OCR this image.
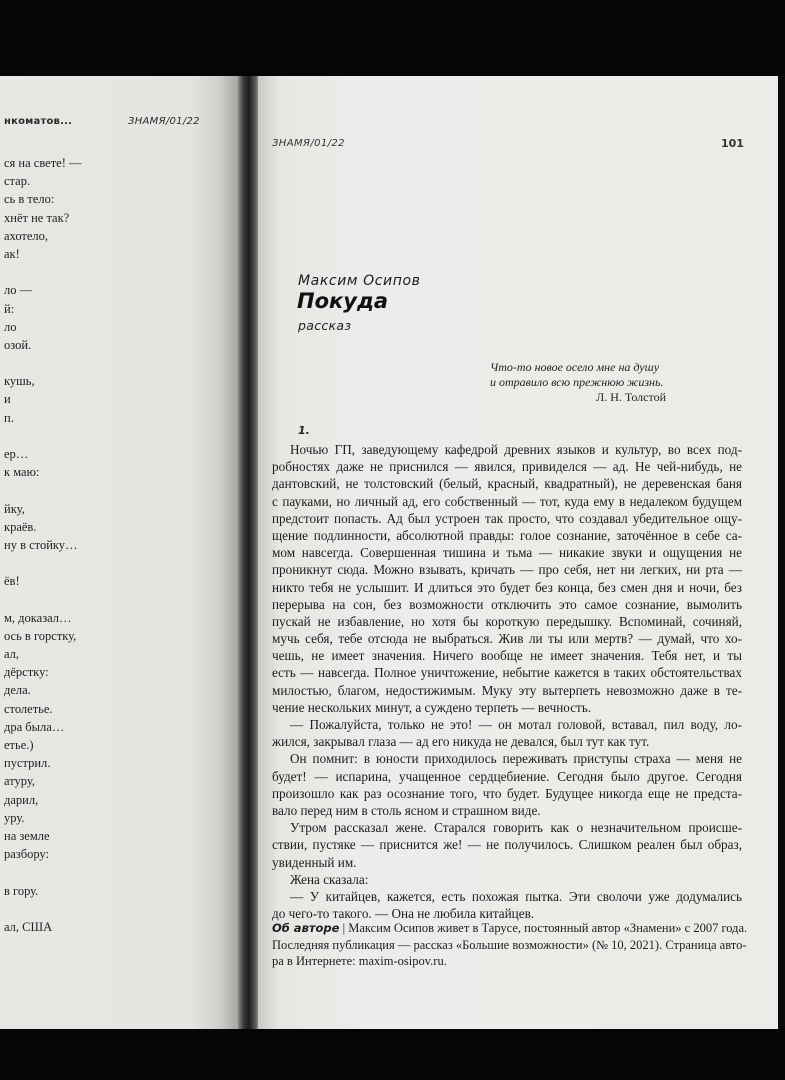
нкоматов...	ЗНАМЯ/01/22
ся на свете! —
стар.
сь в тело:
хнёт не так?
ахотело,
ак!
ло —
й:
ло
озой.
кушь,
и
п.
ер…
к маю:
йку,
краёв.
ну в стойку…
ёв!
м, доказал…
ось в горстку,
ал,
дёрстку:
дела.
столетье.
дра была…
етье.)
пустрил.
атуру,
дарил,
уру.
на земле
разбору:
в гору.
ал, США
ЗНАМЯ/01/22	101
Максим Осипов
Покуда
рассказ
Что-то новое осело мне на душу
и отравило всю прежнюю жизнь.
Л. Н. Толстой
1.
Ночью ГП, заведующему кафедрой древних языков и культур, во всех под-
робностях даже не приснился — явился, привиделся — ад. Не чей-нибудь, не
дантовский, не толстовский (белый, красный, квадратный), не деревенская баня
с пауками, но личный ад, его собственный — тот, куда ему в недалеком будущем
предстоит попасть. Ад был устроен так просто, что создавал убедительное ощу-
щение подлинности, абсолютной правды: голое сознание, заточённое в себе са-
мом навсегда. Совершенная тишина и тьма — никакие звуки и ощущения не
проникнут сюда. Можно взывать, кричать — про себя, нет ни легких, ни рта —
никто тебя не услышит. И длиться это будет без конца, без смен дня и ночи, без
перерыва на сон, без возможности отключить это самое сознание, вымолить
пускай не избавление, но хотя бы короткую передышку. Вспоминай, сочиняй,
мучь себя, тебе отсюда не выбраться. Жив ли ты или мертв? — думай, что хо-
чешь, не имеет значения. Ничего вообще не имеет значения. Тебя нет, и ты
есть — навсегда. Полное уничтожение, небытие кажется в таких обстоятельствах
милостью, благом, недостижимым. Муку эту вытерпеть невозможно даже в те-
чение нескольких минут, а суждено терпеть — вечность.
— Пожалуйста, только не это! — он мотал головой, вставал, пил воду, ло-
жился, закрывал глаза — ад его никуда не девался, был тут как тут.
Он помнит: в юности приходилось переживать приступы страха — меня не
будет! — испарина, учащенное сердцебиение. Сегодня было другое. Сегодня
произошло как раз осознание того, что будет. Будущее никогда еще не предста-
вало перед ним в столь ясном и страшном виде.
Утром рассказал жене. Старался говорить как о незначительном происше-
ствии, пустяке — приснится же! — не получилось. Слишком реален был образ,
увиденный им.
Жена сказала:
— У китайцев, кажется, есть похожая пытка. Эти сволочи уже додумались
до чего-то такого. — Она не любила китайцев.
Об авторе | Максим Осипов живет в Тарусе, постоянный автор «Знамени» с 2007 года.
Последняя публикация — рассказ «Большие возможности» (№ 10, 2021). Страница авто-
ра в Интернете: maxim-osipov.ru.
